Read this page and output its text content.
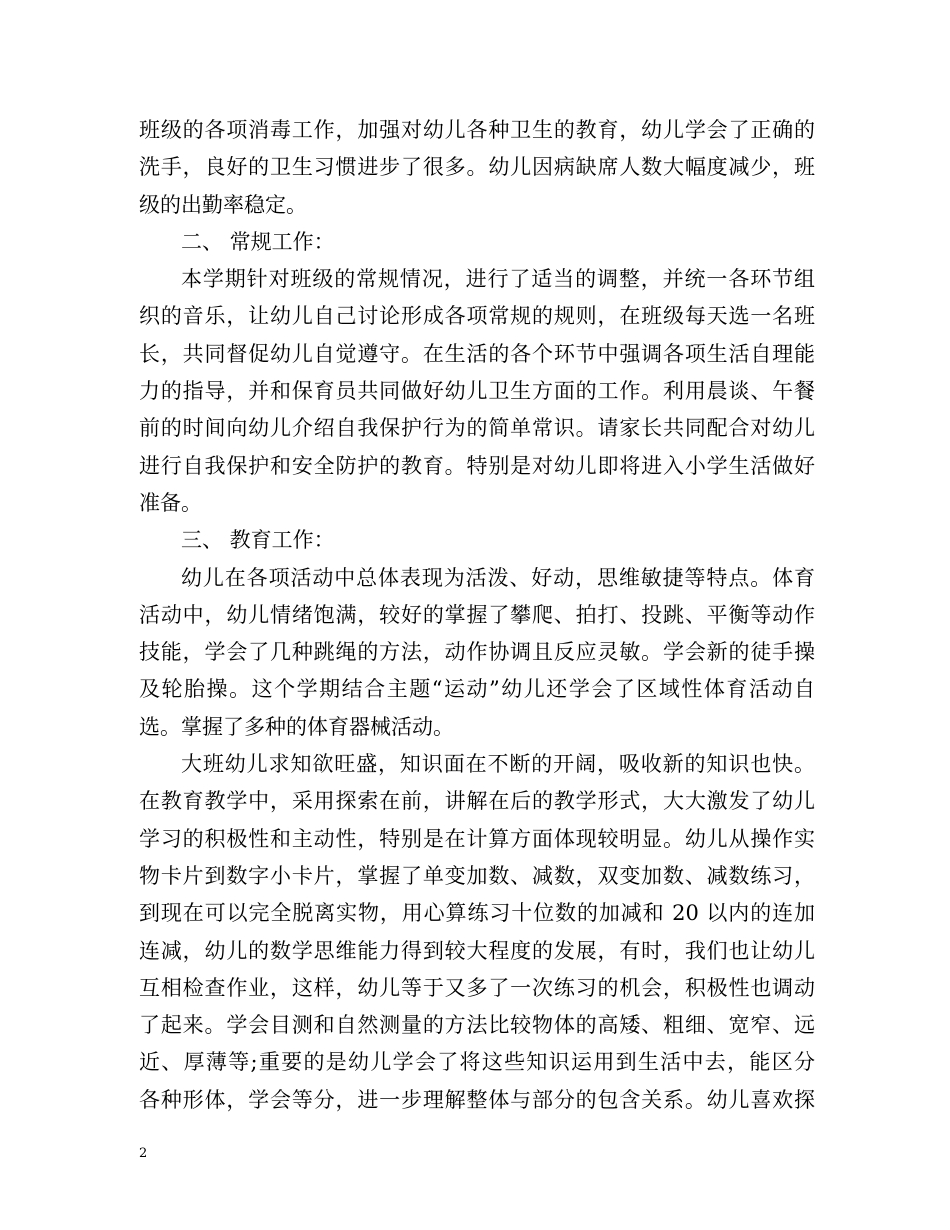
班级的各项消毒工作，加强对幼儿各种卫生的教育，幼儿学会了正确的
洗手，良好的卫生习惯进步了很多。幼儿因病缺席人数大幅度减少，班
级的出勤率稳定。
二、 常规工作：
本学期针对班级的常规情况，进行了适当的调整，并统一各环节组
织的音乐，让幼儿自己讨论形成各项常规的规则，在班级每天选一名班
长，共同督促幼儿自觉遵守。在生活的各个环节中强调各项生活自理能
力的指导，并和保育员共同做好幼儿卫生方面的工作。利用晨谈、午餐
前的时间向幼儿介绍自我保护行为的简单常识。请家长共同配合对幼儿
进行自我保护和安全防护的教育。特别是对幼儿即将进入小学生活做好
准备。
三、 教育工作：
幼儿在各项活动中总体表现为活泼、好动，思维敏捷等特点。体育
活动中，幼儿情绪饱满，较好的掌握了攀爬、拍打、投跳、平衡等动作
技能，学会了几种跳绳的方法，动作协调且反应灵敏。学会新的徒手操
及轮胎操。这个学期结合主题“运动”幼儿还学会了区域性体育活动自
选。掌握了多种的体育器械活动。
大班幼儿求知欲旺盛，知识面在不断的开阔，吸收新的知识也快。
在教育教学中，采用探索在前，讲解在后的教学形式，大大激发了幼儿
学习的积极性和主动性，特别是在计算方面体现较明显。幼儿从操作实
物卡片到数字小卡片，掌握了单变加数、减数，双变加数、减数练习，
到现在可以完全脱离实物，用心算练习十位数的加减和 20 以内的连加
连减，幼儿的数学思维能力得到较大程度的发展，有时，我们也让幼儿
互相检查作业，这样，幼儿等于又多了一次练习的机会，积极性也调动
了起来。学会目测和自然测量的方法比较物体的高矮、粗细、宽窄、远
近、厚薄等;重要的是幼儿学会了将这些知识运用到生活中去，能区分
各种形体，学会等分，进一步理解整体与部分的包含关系。幼儿喜欢探
2
